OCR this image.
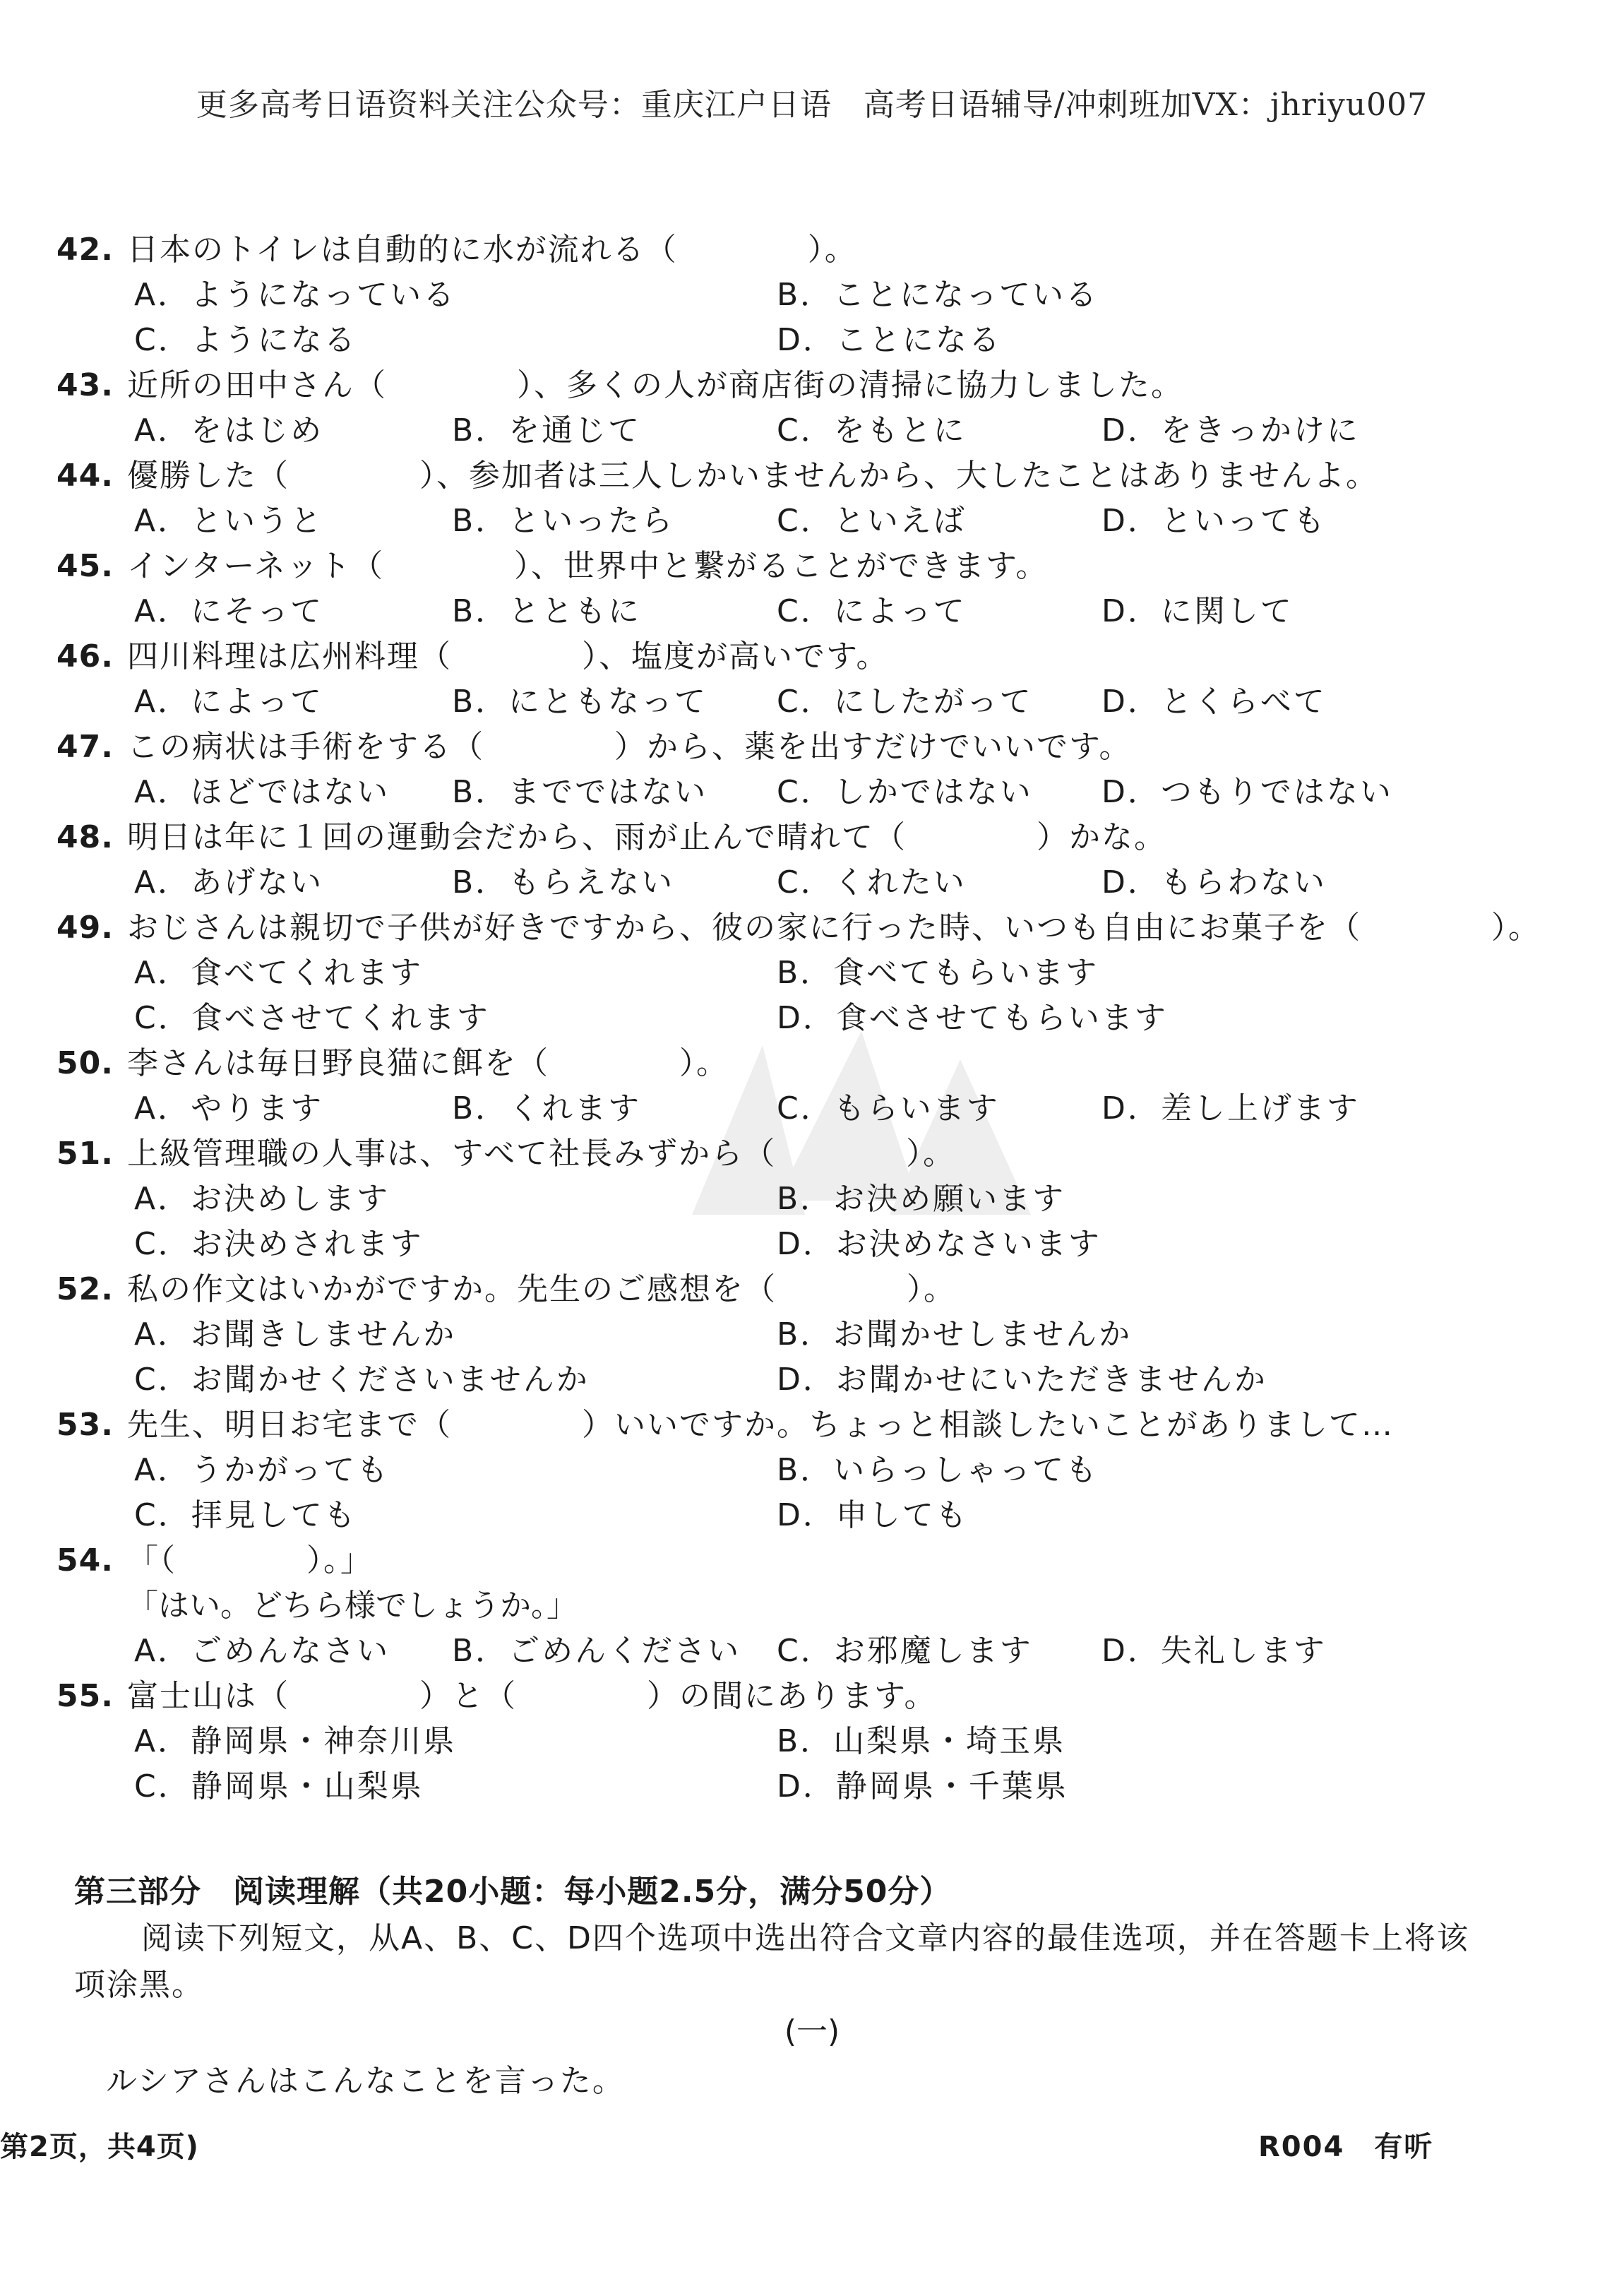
更多高考日语资料关注公众号：重庆江户日语　高考日语辅导/冲刺班加VX：jhriyu007
42. 日本のトイレは自動的に水が流れる（　　　　）。
A．ようになっている	B．ことになっている
C．ようになる	D．ことになる
43. 近所の田中さん（　　　　）、多くの人が商店街の清掃に協力しました。
A．をはじめ	B．を通じて	C．をもとに	D．をきっかけに
44. 優勝した（　　　　）、参加者は三人しかいませんから、大したことはありませんよ。
A．というと	B．といったら	C．といえば	D．といっても
45. インターネット（　　　　）、世界中と繋がることができます。
A．にそって	B．とともに	C．によって	D．に関して
46. 四川料理は広州料理（　　　　）、塩度が高いです。
A．によって	B．にともなって C．にしたがって D．とくらべて
47. この病状は手術をする（　　　　）から、薬を出すだけでいいです。
A．ほどではない B．までではない C．しかではない D．つもりではない
48. 明日は年に１回の運動会だから、雨が止んで晴れて（　　　　）かな。
A．あげない	B．もらえない	C．くれたい	D．もらわない
49. おじさんは親切で子供が好きですから、彼の家に行った時、いつも自由にお菓子を（　　　　）。
A．食べてくれます	B．食べてもらいます
C．食べさせてくれます	D．食べさせてもらいます
50. 李さんは毎日野良猫に餌を（　　　　）。
A．やります	B．くれます	C．もらいます	D．差し上げます
51. 上級管理職の人事は、すべて社長みずから（　　　　）。
A．お決めします	B．お決め願います
C．お決めされます	D．お決めなさいます
52. 私の作文はいかがですか。先生のご感想を（　　　　）。
A．お聞きしませんか	B．お聞かせしませんか
C．お聞かせくださいませんか	D．お聞かせにいただきませんか
53. 先生、明日お宅まで（　　　　）いいですか。ちょっと相談したいことがありまして…
A．うかがっても	B．いらっしゃっても
C．拝見しても	D．申しても
54. 「（　　　　）。」
「はい。どちら様でしょうか。」
A．ごめんなさい B．ごめんください C．お邪魔します D．失礼します
55. 富士山は（　　　　）と（　　　　）の間にあります。
A．静岡県・神奈川県	B．山梨県・埼玉県
C．静岡県・山梨県	D．静岡県・千葉県
第三部分　阅读理解（共20小题：每小题2.5分，满分50分）
阅读下列短文，从A、B、C、D四个选项中选出符合文章内容的最佳选项，并在答题卡上将该项涂黑。
(一)
ルシアさんはこんなことを言った。
第2页，共4页)	R004　有听
